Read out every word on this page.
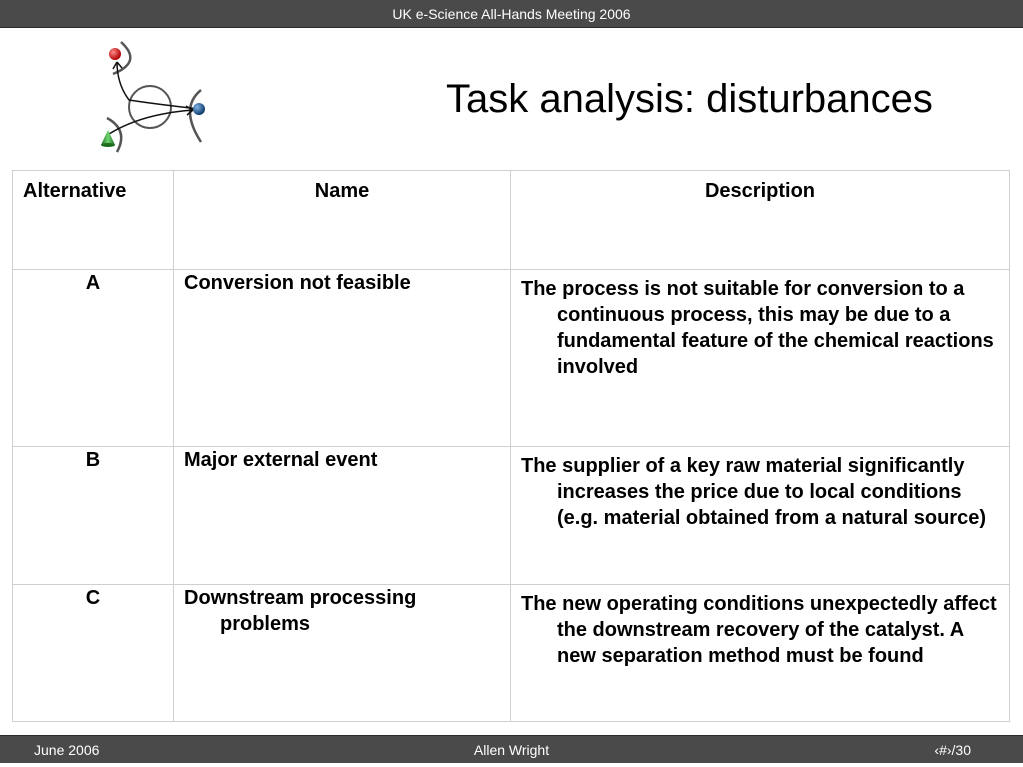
UK e-Science All-Hands Meeting 2006
Task analysis: disturbances
Alternative	Name	Description
A	Conversion not feasible	The process is not suitable for conversion to a continuous process, this may be due to a fundamental feature of the chemical reactions involved

B	Major external event	The supplier of a key raw material significantly increases the price due to local conditions (e.g. material obtained from a natural source)

C	Downstream processing problems	The new operating conditions unexpectedly affect the downstream recovery of the catalyst. A new separation method must be found
June 2006	Allen Wright	‹#›/30
